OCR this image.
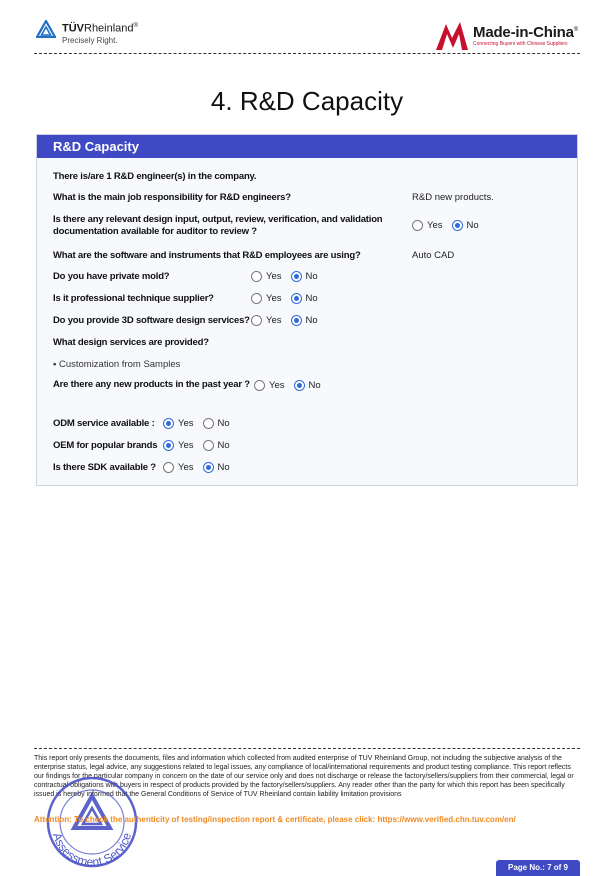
TÜVRheinland®
Precisely Right.	Made-in-China®
Connecting Buyers with Chinese Suppliers
4. R&D Capacity
R&D Capacity
There is/are 1 R&D engineer(s) in the company.
What is the main job responsibility for R&D engineers?	R&D new products.
Is there any relevant design input, output, review, verification, and validation documentation available for auditor to review ?
Yes	No
What are the software and instruments that R&D employees are using?	Auto CAD
Do you have private mold?	Yes	No
Is it professional technique supplier?	Yes	No
Do you provide 3D software design services? Yes	No
What design services are provided?
• Customization from Samples
Are there any new products in the past year ? Yes	No
ODM service available : Yes	No
OEM for popular brands Yes	No
Is there SDK available ? Yes	No
This report only presents the documents, files and information which collected from audited enterprise of TUV Rheinland Group, not including the subjective analysis of the enterprise status, legal advice, any suggestions related to legal issues, any compliance of local/international requirements and product testing compliance. This report reflects our findings for the particular company in concern on the date of our service only and does not discharge or release the factory/sellers/suppliers from their commercial, legal or contractual obligations with buyers in respect of products provided by the factory/sellers/suppliers. Any reader other than the party for which this report has been specifically issued is hereby informed that the General Conditions of Service of TUV Rheinland contain liability limitation provisions
Assessment Service
Attention: To check the authenticity of testing/inspection report & certificate, please click: https://www.verified.chn.tuv.com/en/
Page No.: 7 of 9
